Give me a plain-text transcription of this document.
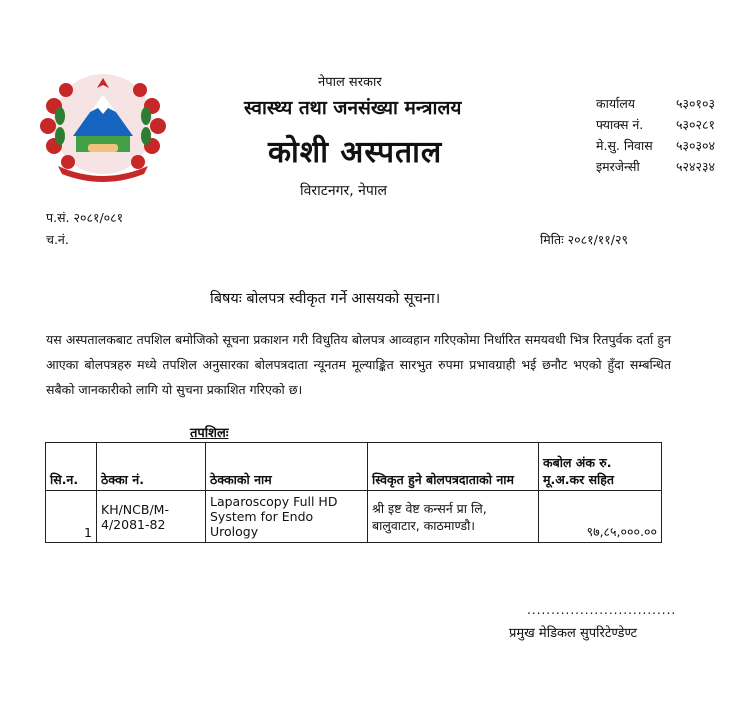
नेपाल सरकार
स्वास्थ्य तथा जनसंख्या मन्त्रालय
कोशी अस्पताल
विराटनगर, नेपाल
कार्यालय	५३०१०३
फ्याक्स नं.	५३०२८१
मे.सु. निवास	५३०३०४
इमरजेन्सी	५२४२३४
प.सं. २०८१/०८१
च.नं.	मितिः २०८१/११/२९
बिषयः बोलपत्र स्वीकृत गर्ने आसयको सूचना।
यस अस्पतालकबाट तपशिल बमोजिको सूचना प्रकाशन गरी विधुतिय बोलपत्र आव्वहान गरिएकोमा निर्धारित समयवधी भित्र रितपुर्वक दर्ता हुन आएका बोलपत्रहरु मध्ये तपशिल अनुसारका बोलपत्रदाता न्यूनतम मूल्याङ्कित सारभुत रुपमा प्रभावग्राही भई छनौट भएको हुँदा सम्बन्धित सबैको जानकारीको लागि यो सुचना प्रकाशित गरिएको छ।
तपशिलः
सि.न.	ठेक्का नं.	ठेक्काको नाम	स्विकृत हुने बोलपत्रदाताको नाम	कबोल अंक रु. मू.अ.कर सहित
1	KH/NCB/M-4/2081-82	Laparoscopy Full HD System for Endo Urology	श्री इष्ट वेष्ट कन्सर्न प्रा लि, बालुवाटार, काठमाण्डौ।	९७,८५,०००.००
...............................
प्रमुख मेडिकल सुपरिटेण्डेण्ट
